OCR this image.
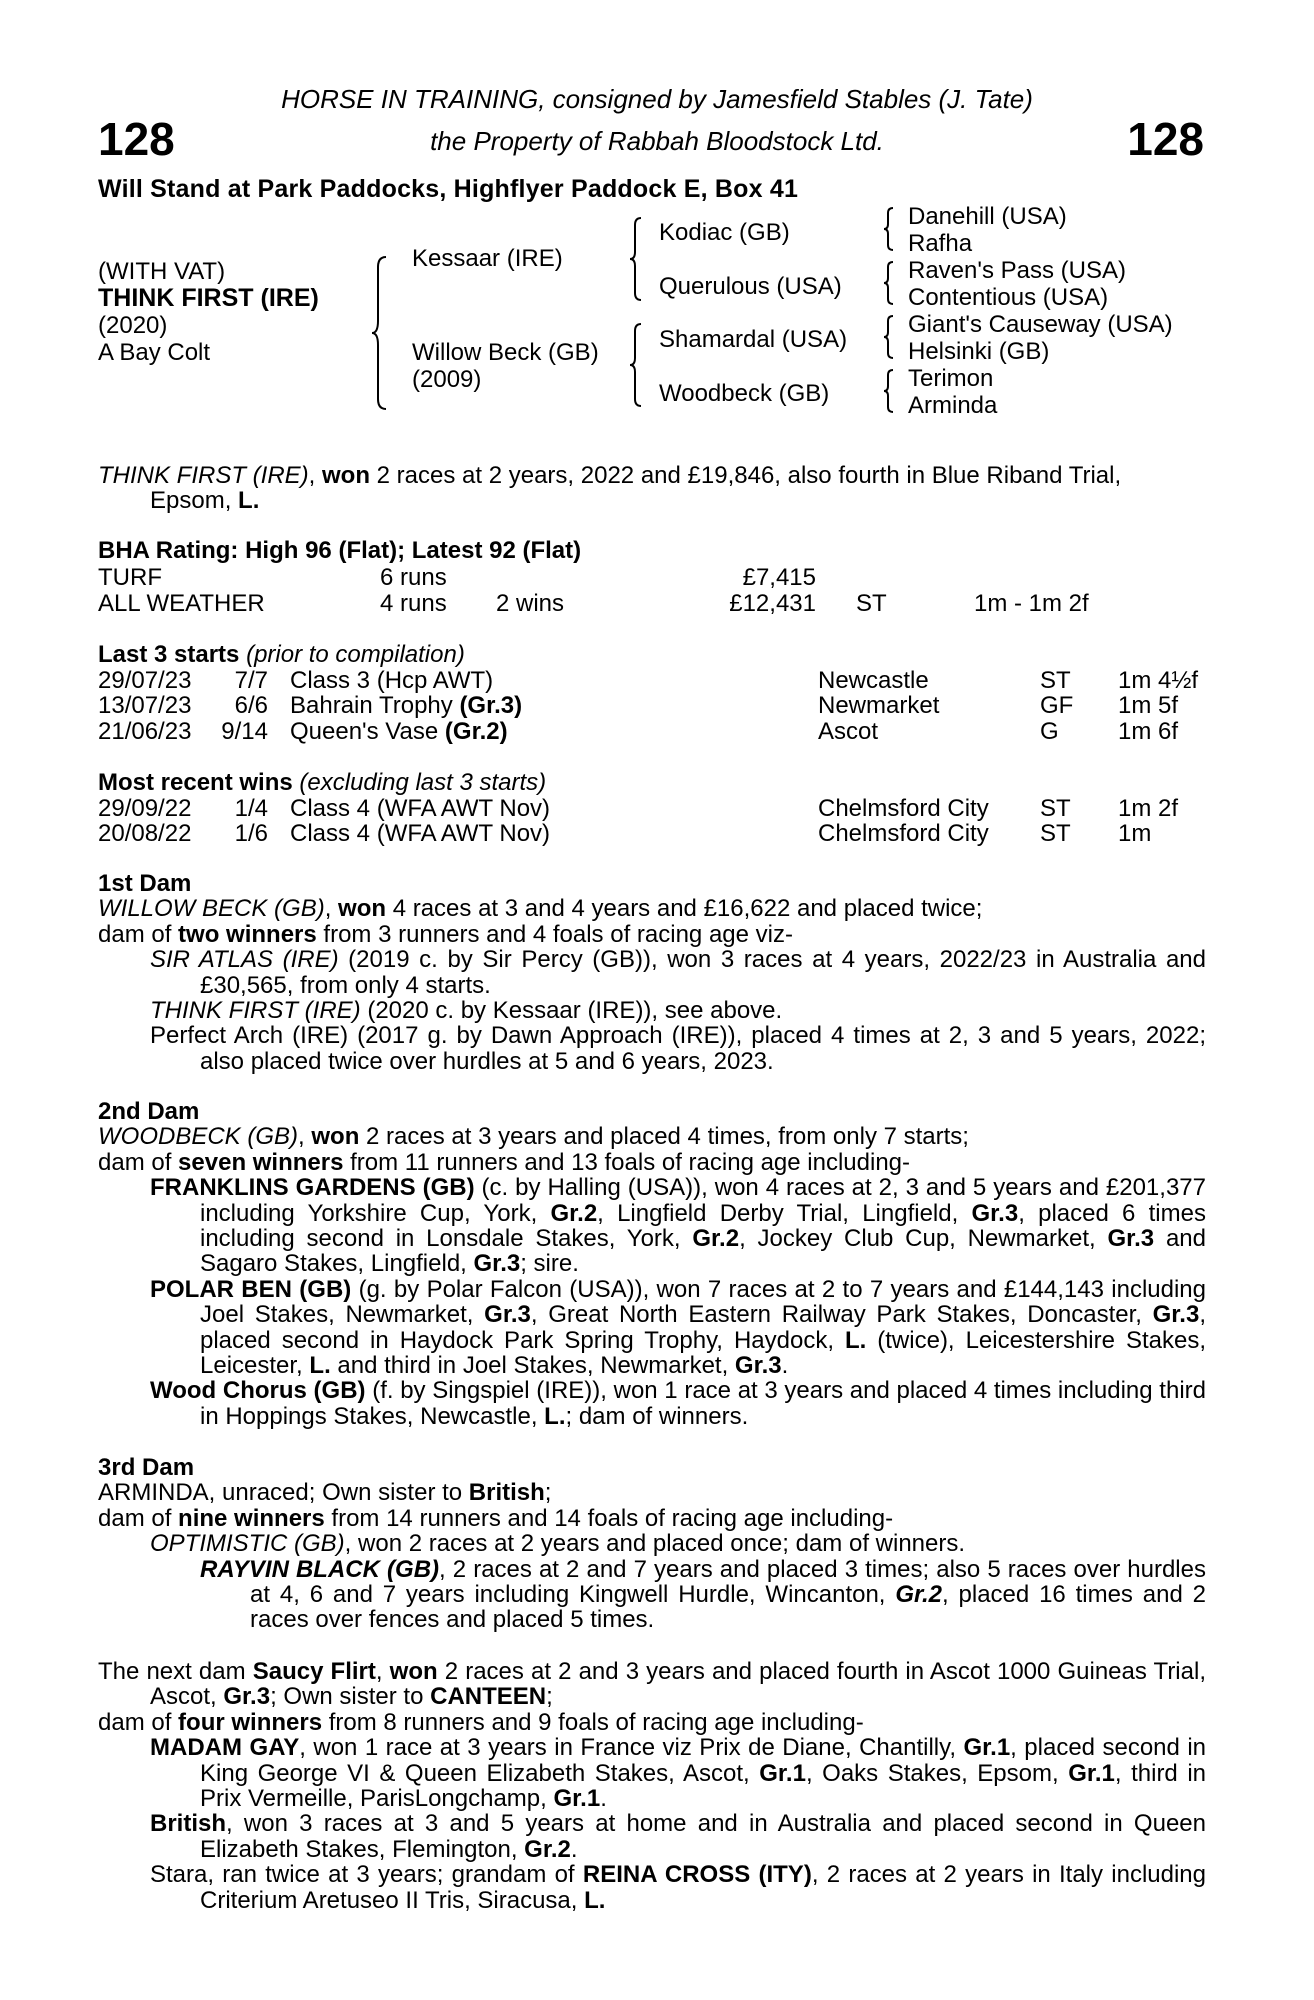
128	128
HORSE IN TRAINING, consigned by Jamesfield Stables (J. Tate)
the Property of Rabbah Bloodstock Ltd.
Will Stand at Park Paddocks, Highflyer Paddock E, Box 41
(WITH VAT)
THINK FIRST (IRE)
(2020)
A Bay Colt
Kessaar (IRE)
Willow Beck (GB)
(2009)
Kodiac (GB)
Querulous (USA)
Shamardal (USA)
Woodbeck (GB)
Danehill (USA)
Rafha
Raven's Pass (USA)
Contentious (USA)
Giant's Causeway (USA)
Helsinki (GB)
Terimon
Arminda

THINK FIRST (IRE), won 2 races at 2 years, 2022 and £19,846, also fourth in Blue Riband Trial,
Epsom, L.

BHA Rating: High 96 (Flat); Latest 92 (Flat)
TURF	6 runs	£7,415
ALL WEATHER	4 runs 2 wins	£12,431 ST	1m - 1m 2f
Last 3 starts (prior to compilation)
29/07/23	7/7 Class 3 (Hcp AWT)	Newcastle	ST 1m 4½f
13/07/23	6/6 Bahrain Trophy (Gr.3)	Newmarket	GF 1m 5f
21/06/23	9/14 Queen's Vase (Gr.2)	Ascot	G 1m 6f
Most recent wins (excluding last 3 starts)
29/09/22	1/4 Class 4 (WFA AWT Nov)	Chelmsford City ST 1m 2f
20/08/22	1/6 Class 4 (WFA AWT Nov)	Chelmsford City ST 1m

1st Dam

WILLOW BECK (GB), won 4 races at 3 and 4 years and £16,622 and placed twice;

dam of two winners from 3 runners and 4 foals of racing age viz-

SIR ATLAS (IRE) (2019 c. by Sir Percy (GB)), won 3 races at 4 years, 2022/23 in Australia and £30,565, from only 4 starts.

THINK FIRST (IRE) (2020 c. by Kessaar (IRE)), see above.

Perfect Arch (IRE) (2017 g. by Dawn Approach (IRE)), placed 4 times at 2, 3 and 5 years, 2022; also placed twice over hurdles at 5 and 6 years, 2023.

2nd Dam

WOODBECK (GB), won 2 races at 3 years and placed 4 times, from only 7 starts;

dam of seven winners from 11 runners and 13 foals of racing age including-

FRANKLINS GARDENS (GB) (c. by Halling (USA)), won 4 races at 2, 3 and 5 years and £201,377 including Yorkshire Cup, York, Gr.2, Lingfield Derby Trial, Lingfield, Gr.3, placed 6 times including second in Lonsdale Stakes, York, Gr.2, Jockey Club Cup, Newmarket, Gr.3 and Sagaro Stakes, Lingfield, Gr.3; sire.

POLAR BEN (GB) (g. by Polar Falcon (USA)), won 7 races at 2 to 7 years and £144,143 including Joel Stakes, Newmarket, Gr.3, Great North Eastern Railway Park Stakes, Doncaster, Gr.3, placed second in Haydock Park Spring Trophy, Haydock, L. (twice), Leicestershire Stakes, Leicester, L. and third in Joel Stakes, Newmarket, Gr.3.

Wood Chorus (GB) (f. by Singspiel (IRE)), won 1 race at 3 years and placed 4 times including third in Hoppings Stakes, Newcastle, L.; dam of winners.

3rd Dam

ARMINDA, unraced; Own sister to British;

dam of nine winners from 14 runners and 14 foals of racing age including-

OPTIMISTIC (GB), won 2 races at 2 years and placed once; dam of winners.

RAYVIN BLACK (GB), 2 races at 2 and 7 years and placed 3 times; also 5 races over hurdles at 4, 6 and 7 years including Kingwell Hurdle, Wincanton, Gr.2, placed 16 times and 2 races over fences and placed 5 times.

The next dam Saucy Flirt, won 2 races at 2 and 3 years and placed fourth in Ascot 1000 Guineas Trial, Ascot, Gr.3; Own sister to CANTEEN;

dam of four winners from 8 runners and 9 foals of racing age including-

MADAM GAY, won 1 race at 3 years in France viz Prix de Diane, Chantilly, Gr.1, placed second in King George VI & Queen Elizabeth Stakes, Ascot, Gr.1, Oaks Stakes, Epsom, Gr.1, third in Prix Vermeille, ParisLongchamp, Gr.1.

British, won 3 races at 3 and 5 years at home and in Australia and placed second in Queen Elizabeth Stakes, Flemington, Gr.2.

Stara, ran twice at 3 years; grandam of REINA CROSS (ITY), 2 races at 2 years in Italy including Criterium Aretuseo II Tris, Siracusa, L.
